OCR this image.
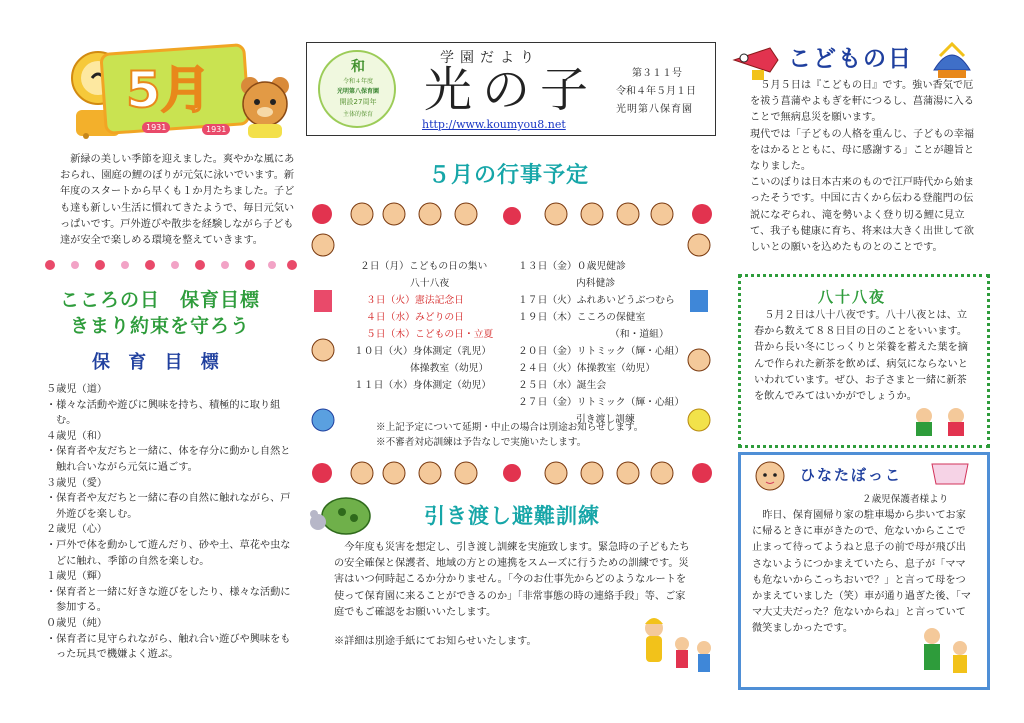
5月
1931	1931
和
令和４年度
光明第八保育園
開設27周年
主体的保育
学園だより
光の子	第３１１号
令和４年５月１日
光明第八保育園
http://www.koumyou8.net

新緑の美しい季節を迎えました。爽やかな風にあおられ、園庭の鯉のぼりが元気に泳いでいます。新年度のスタートから早くも１か月たちました。子ども達も新しい生活に慣れてきたようで、毎日元気いっぱいです。戸外遊びや散歩を経験しながら子ども達が安全で楽しめる環境を整えていきます。

こころの日　保育目標
きまり約束を守ろう
保 育 目 標
５歳児（道）
・様々な活動や遊びに興味を持ち、積極的に取り組む。
４歳児（和）
・保育者や友だちと一緒に、体を存分に動かし自然と触れ合いながら元気に過ごす。
３歳児（愛）
・保育者や友だちと一緒に春の自然に触れながら、戸外遊びを楽しむ。
２歳児（心）
・戸外で体を動かして遊んだり、砂や土、草花や虫などに触れ、季節の自然を楽しむ。
１歳児（輝）
・保育者と一緒に好きな遊びをしたり、様々な活動に参加する。
０歳児（純）
・保育者に見守られながら、触れ合い遊びや興味をもった玩具で機嫌よく遊ぶ。
５月の行事予定
２日（月）こどもの日の集い
八十八夜
３日（火）憲法記念日
４日（水）みどりの日
５日（木）こどもの日・立夏
１０日（火）身体測定（乳児）
体操教室（幼児）
１１日（水）身体測定（幼児）
１３日（金）０歳児健診
内科健診
１７日（火）ふれあいどうぶつむら
１９日（木）こころの保健室
（和・道組）
２０日（金）リトミック（輝・心組）
２４日（火）体操教室（幼児）
２５日（水）誕生会
２７日（金）リトミック（輝・心組）
引き渡し訓練
※上記予定について延期・中止の場合は別途お知らせします。
※不審者対応訓練は予告なしで実施いたします。
引き渡し避難訓練

今年度も災害を想定し、引き渡し訓練を実施致します。緊急時の子どもたちの安全確保と保護者、地域の方との連携をスムーズに行うための訓練です。災害はいつ何時起こるか分かりません。「今のお仕事先からどのようなルートを使って保育園に来ることができるのか」「非常事態の時の連絡手段」等、ご家庭でもご確認をお願いいたします。

※詳細は別途手紙にてお知らせいたします。
こどもの日

５月５日は『こどもの日』です。強い香気で厄を祓う菖蒲やよもぎを軒につるし、菖蒲湯に入ることで無病息災を願います。
現代では「子どもの人格を重んじ、子どもの幸福をはかるとともに、母に感謝する」ことが趣旨となりました。
こいのぼりは日本古来のもので江戸時代から始まったそうです。中国に古くから伝わる登龍門の伝説になぞられ、滝を勢いよく登り切る鯉に見立て、我子も健康に育ち、将来は大きく出世して欲しいとの願いを込めたものとのことです。

八十八夜

５月２日は八十八夜です。八十八夜とは、立春から数えて８８日目の日のことをいいます。昔から長い冬にじっくりと栄養を蓄えた葉を摘んで作られた新茶を飲めば、病気にならないといわれています。ぜひ、お子さまと一緒に新茶を飲んでみてはいかがでしょうか。

ひなたぼっこ
２歳児保護者様より

昨日、保育園帰り家の駐車場から歩いてお家に帰るときに車がきたので、危ないからここで止まって待ってようねと息子の前で母が飛び出さないようにつかまえていたら、息子が「ママも危ないからこっちおいで？」と言って母をつかまえていました（笑）車が通り過ぎた後、「ママ大丈夫だった？危ないからね」と言っていて微笑ましかったです。
